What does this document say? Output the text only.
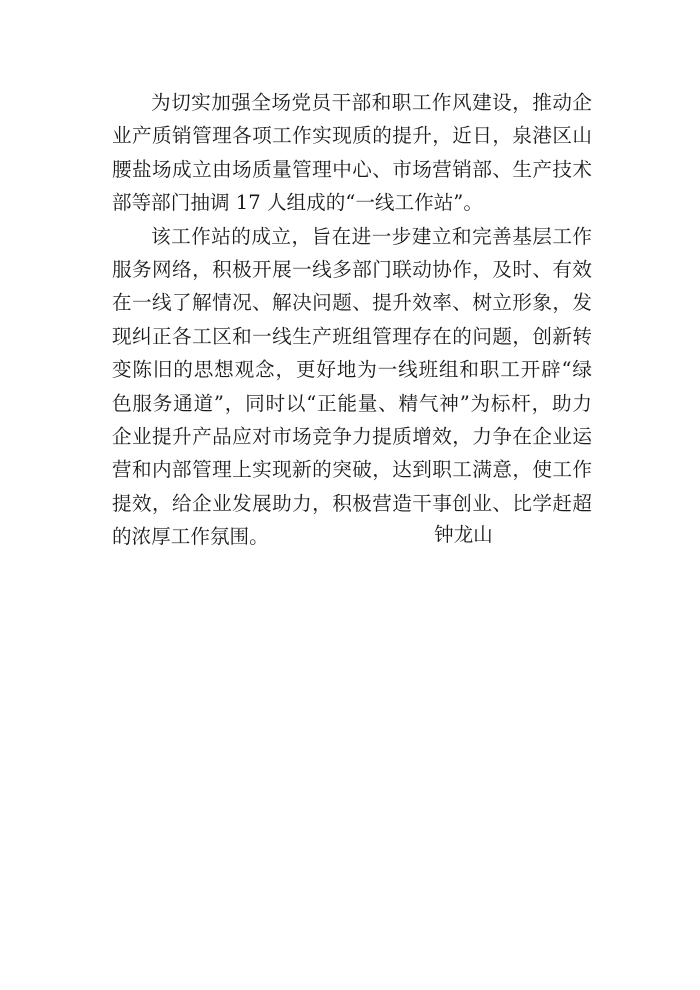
为切实加强全场党员干部和职工作风建设，推动企业产质销管理各项工作实现质的提升，近日，泉港区山腰盐场成立由场质量管理中心、市场营销部、生产技术部等部门抽调 17 人组成的“一线工作站”。

该工作站的成立，旨在进一步建立和完善基层工作服务网络，积极开展一线多部门联动协作，及时、有效在一线了解情况、解决问题、提升效率、树立形象，发现纠正各工区和一线生产班组管理存在的问题，创新转变陈旧的思想观念，更好地为一线班组和职工开辟“绿色服务通道”，同时以“正能量、精气神”为标杆，助力企业提升产品应对市场竞争力提质增效，力争在企业运营和内部管理上实现新的突破，达到职工满意，使工作提效，给企业发展助力，积极营造干事创业、比学赶超的浓厚工作氛围。	钟龙山
